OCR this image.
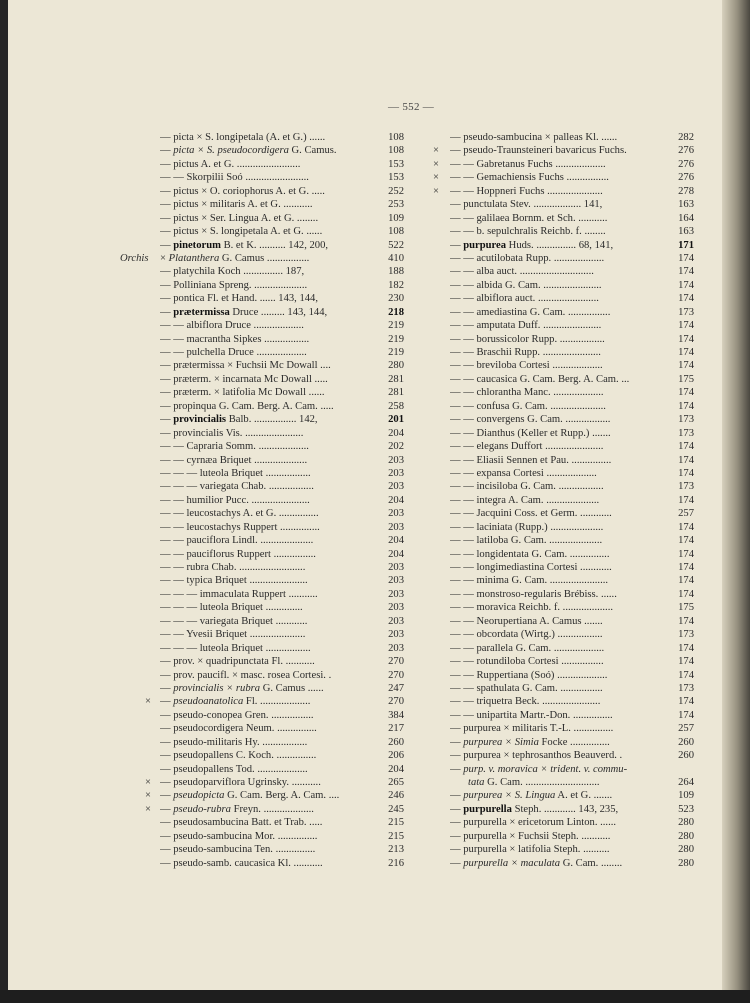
— 552 —
— picta × S. longipetala (A. et G.) ......	108
— picta × S. pseudocordigera G. Camus.	108
— pictus A. et G. ........................	153
— — Skorpilii Soó ........................	153
— pictus × O. coriophorus A. et G. .....	252
— pictus × militaris A. et G. ...........	253
— pictus × Ser. Lingua A. et G. ........	109
— pictus × S. longipetala A. et G. ......	108
— pinetorum B. et K. .......... 142, 200,	522
Orchis × Platanthera G. Camus ................	410
— platychila Koch ............... 187,	188
— Polliniana Spreng. ....................	182
— pontica Fl. et Hand. ...... 143, 144,	230
— prætermissa Druce ......... 143, 144,	218
— — albiflora Druce ...................	219
— — macrantha Sipkes .................	219
— — pulchella Druce ...................	219
— prætermissa × Fuchsii Mc Dowall ....	280
— præterm. × incarnata Mc Dowall .....	281
— præterm. × latifolia Mc Dowall ......	281
— propinqua G. Cam. Berg. A. Cam. .....	258
— provincialis Balb. ................ 142,	201
— provincialis Vis. ......................	204
— — Capraria Somm. ...................	202
— — cyrnæa Briquet ....................	203
— — — luteola Briquet .................	203
— — — variegata Chab. .................	203
— — humilior Pucc. ......................	204
— — leucostachys A. et G. ...............	203
— — leucostachys Ruppert ...............	203
— — pauciflora Lindl. ....................	204
— — pauciflorus Ruppert ................	204
— — rubra Chab. .........................	203
— — typica Briquet ......................	203
— — — immaculata Ruppert ...........	203
— — — luteola Briquet ..............	203
— — — variegata Briquet ............	203
— — Yvesii Briquet .....................	203
— — — luteola Briquet .................	203
— prov. × quadripunctata Fl. ...........	270
— prov. paucifl. × masc. rosea Cortesi. .	270
— provincialis × rubra G. Camus ......	247
× — pseudoanatolica Fl. ...................	270
— pseudo-conopea Gren. ................	384
— pseudocordigera Neum. ...............	217
— pseudo-militaris Hy. .................	260
— pseudopallens C. Koch. ...............	206
— pseudopallens Tod. ...................	204
× — pseudoparviflora Ugrinsky. ...........	265
× — pseudopicta G. Cam. Berg. A. Cam. ....	246
× — pseudo-rubra Freyn. ...................	245
— pseudosambucina Batt. et Trab. .....	215
— pseudo-sambucina Mor. ...............	215
— pseudo-sambucina Ten. ...............	213
— pseudo-samb. caucasica Kl. ...........	216
— pseudo-sambucina × palleas Kl. ......	282
× — pseudo-Traunsteineri bavaricus Fuchs.	276
× — — Gabretanus Fuchs ...................	276
× — — Gemachiensis Fuchs ................	276
× — — Hoppneri Fuchs .....................	278
— punctulata Stev. .................. 141,	163
— — galilaea Bornm. et Sch. ...........	164
— — b. sepulchralis Reichb. f. ........	163
— purpurea Huds. ............... 68, 141,	171
— — acutilobata Rupp. ...................	174
— — alba auct. ............................	174
— — albida G. Cam. ......................	174
— — albiflora auct. .......................	174
— — amediastina G. Cam. ................	173
— — amputata Duff. ......................	174
— — borussicolor Rupp. .................	174
— — Braschii Rupp. ......................	174
— — breviloba Cortesi ...................	174
— — caucasica G. Cam. Berg. A. Cam. ...	175
— — chlorantha Manc. ...................	174
— — confusa G. Cam. .....................	174
— — convergens G. Cam. .................	173
— — Dianthus (Keller et Rupp.) .......	173
— — elegans Duffort ......................	174
— — Eliasii Sennen et Pau. ...............	174
— — expansa Cortesi ...................	174
— — incisiloba G. Cam. .................	173
— — integra A. Cam. ....................	174
— — Jacquini Coss. et Germ. ............	257
— — laciniata (Rupp.) ....................	174
— — latiloba G. Cam. ....................	174
— — longidentata G. Cam. ...............	174
— — longimediastina Cortesi ............	174
— — minima G. Cam. ......................	174
— — monstroso-regularis Brébiss. ......	174
— — moravica Reichb. f. ...................	175
— — Neorupertiana A. Camus .......	174
— — obcordata (Wirtg.) .................	173
— — parallela G. Cam. ...................	174
— — rotundiloba Cortesi ................	174
— — Ruppertiana (Soó) ...................	174
— — spathulata G. Cam. ................	173
— — triquetra Beck. ......................	174
— — unipartita Martr.-Don. ...............	174
— purpurea × militaris T.-L. ...............	257
— purpurea × Simia Focke ...............	260
— purpurea × tephrosanthos Beauverd. .	260
— purp. v. moravica × trident. v. commu-
tata G. Cam. ............................	264
— purpurea × S. Lingua A. et G. .......	109
— purpurella Steph. ............ 143, 235,	523
— purpurella × ericetorum Linton. ......	280
— purpurella × Fuchsii Steph. ...........	280
— purpurella × latifolia Steph. ..........	280
— purpurella × maculata G. Cam. ........	280
